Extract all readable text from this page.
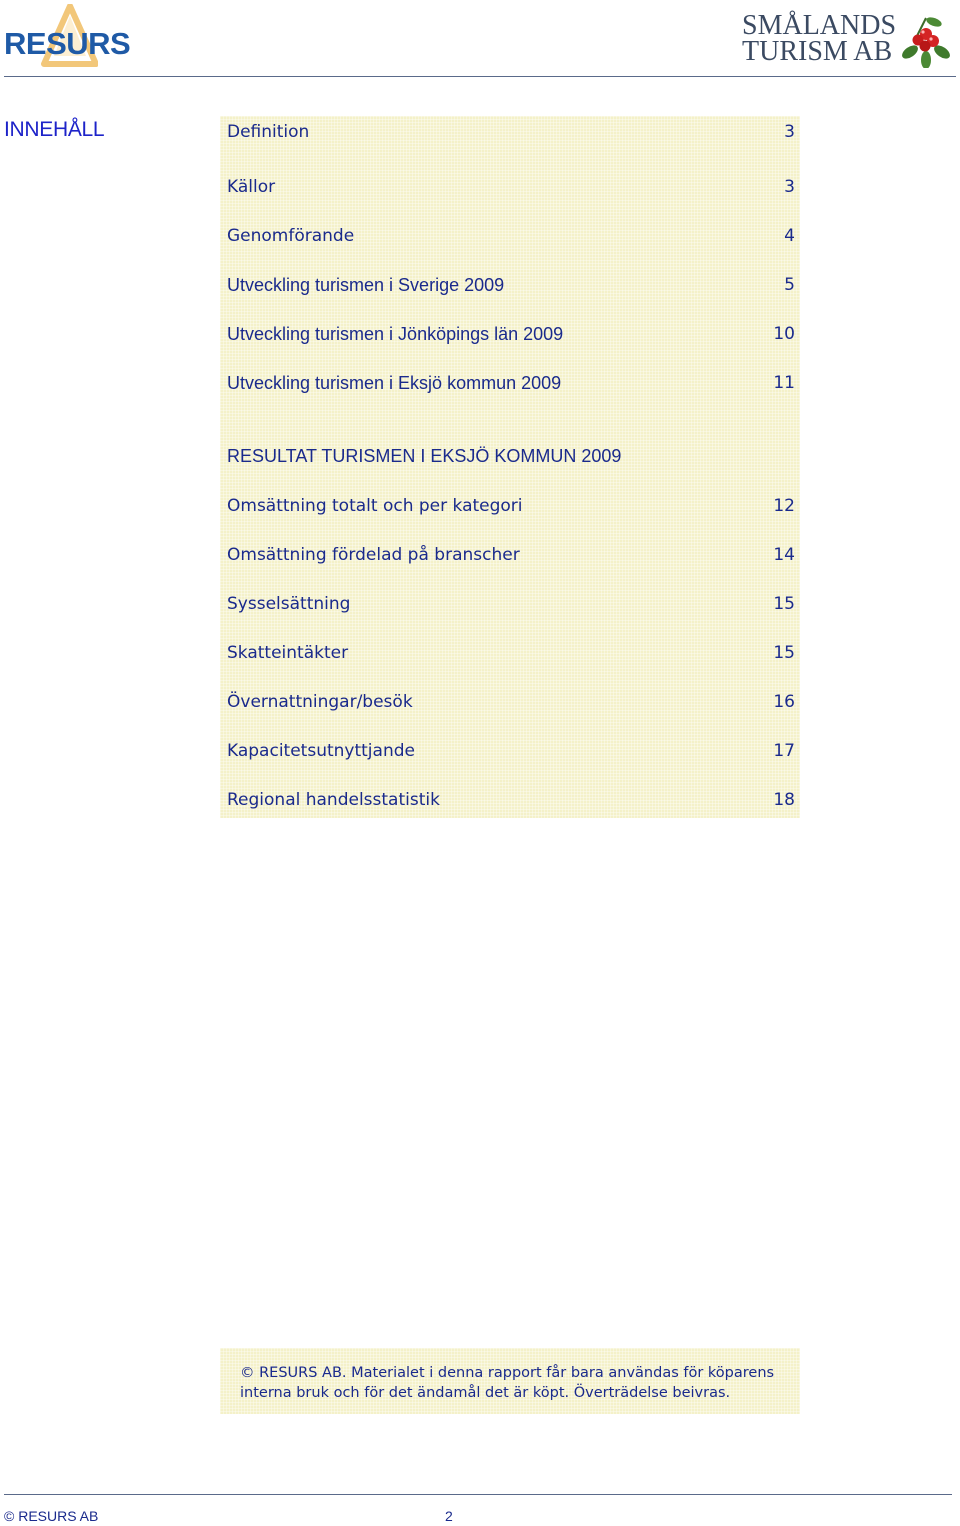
RESURS
SMÅLANDS
TURISM AB
INNEHÅLL	Definition	3
Källor	3
Genomförande	4
Utveckling turismen i Sverige 2009	5
Utveckling turismen i Jönköpings län 2009	10
Utveckling turismen i Eksjö kommun 2009	11
RESULTAT TURISMEN I EKSJÖ KOMMUN 2009
Omsättning totalt och per kategori	12
Omsättning fördelad på branscher	14
Sysselsättning	15
Skatteintäkter	15
Övernattningar/besök	16
Kapacitetsutnyttjande	17
Regional handelsstatistik	18
© RESURS AB. Materialet i denna rapport får bara användas för köparens
interna bruk och för det ändamål det är köpt. Överträdelse beivras.
© RESURS AB	2
